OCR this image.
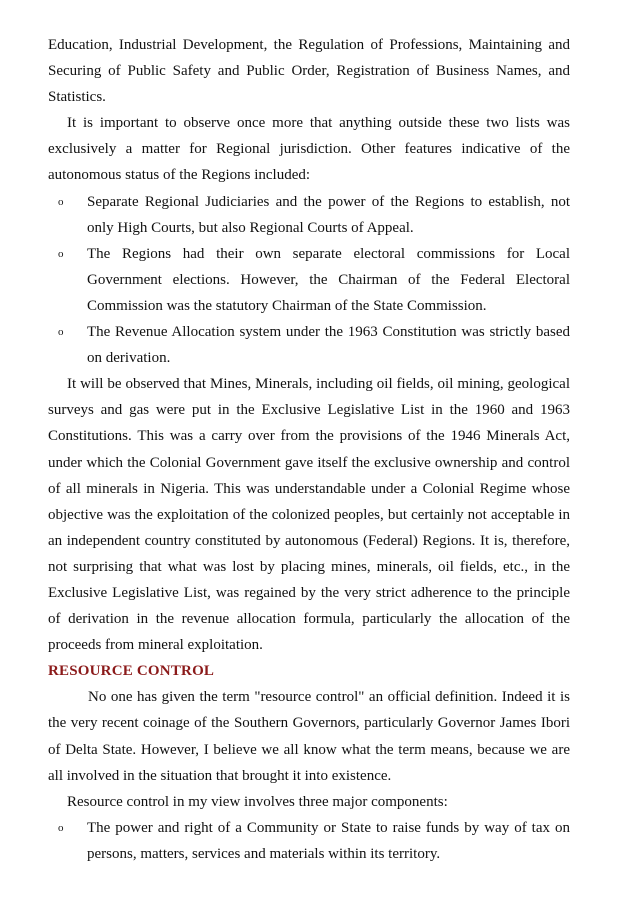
Education, Industrial Development, the Regulation of Professions, Maintaining and Securing of Public Safety and Public Order, Registration of Business Names, and Statistics.

It is important to observe once more that anything outside these two lists was exclusively a matter for Regional jurisdiction. Other features indicative of the autonomous status of the Regions included:

o Separate Regional Judiciaries and the power of the Regions to establish, not only High Courts, but also Regional Courts of Appeal.
o The Regions had their own separate electoral commissions for Local Government elections. However, the Chairman of the Federal Electoral Commission was the statutory Chairman of the State Commission.
o The Revenue Allocation system under the 1963 Constitution was strictly based on derivation.

It will be observed that Mines, Minerals, including oil fields, oil mining, geological surveys and gas were put in the Exclusive Legislative List in the 1960 and 1963 Constitutions. This was a carry over from the provisions of the 1946 Minerals Act, under which the Colonial Government gave itself the exclusive ownership and control of all minerals in Nigeria. This was understandable under a Colonial Regime whose objective was the exploitation of the colonized peoples, but certainly not acceptable in an independent country constituted by autonomous (Federal) Regions. It is, therefore, not surprising that what was lost by placing mines, minerals, oil fields, etc., in the Exclusive Legislative List, was regained by the very strict adherence to the principle of derivation in the revenue allocation formula, particularly the allocation of the proceeds from mineral exploitation.

RESOURCE CONTROL

No one has given the term "resource control" an official definition. Indeed it is the very recent coinage of the Southern Governors, particularly Governor James Ibori of Delta State. However, I believe we all know what the term means, because we are all involved in the situation that brought it into existence.

Resource control in my view involves three major components:

o The power and right of a Community or State to raise funds by way of tax on persons, matters, services and materials within its territory.
